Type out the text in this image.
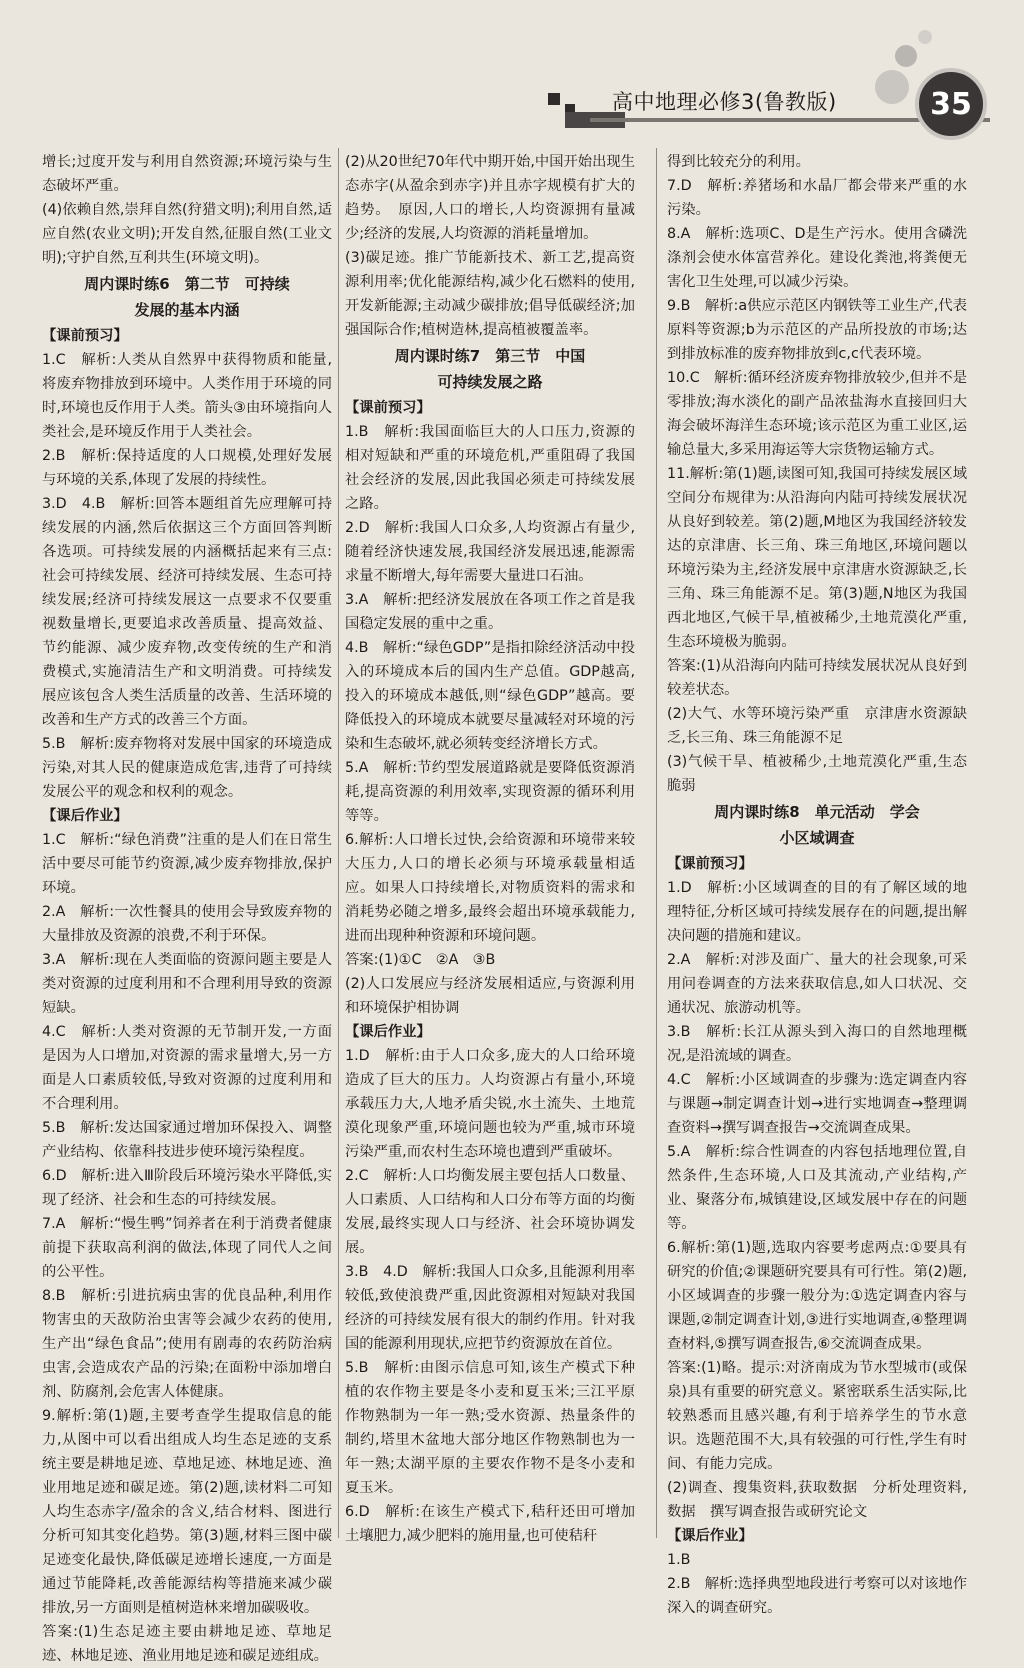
高中地理必修3(鲁教版)	35

增长;过度开发与利用自然资源;环境污染与生态破坏严重。

(4)依赖自然,崇拜自然(狩猎文明);利用自然,适应自然(农业文明);开发自然,征服自然(工业文明);守护自然,互利共生(环境文明)。

周内课时练6　第二节　可持续

发展的基本内涵

【课前预习】

1.C　解析:人类从自然界中获得物质和能量,将废弃物排放到环境中。人类作用于环境的同时,环境也反作用于人类。箭头③由环境指向人类社会,是环境反作用于人类社会。

2.B　解析:保持适度的人口规模,处理好发展与环境的关系,体现了发展的持续性。

3.D　4.B　解析:回答本题组首先应理解可持续发展的内涵,然后依据这三个方面回答判断各选项。可持续发展的内涵概括起来有三点:社会可持续发展、经济可持续发展、生态可持续发展;经济可持续发展这一点要求不仅要重视数量增长,更要追求改善质量、提高效益、节约能源、减少废弃物,改变传统的生产和消费模式,实施清洁生产和文明消费。可持续发展应该包含人类生活质量的改善、生活环境的改善和生产方式的改善三个方面。

5.B　解析:废弃物将对发展中国家的环境造成污染,对其人民的健康造成危害,违背了可持续发展公平的观念和权利的观念。

【课后作业】

1.C　解析:“绿色消费”注重的是人们在日常生活中要尽可能节约资源,减少废弃物排放,保护环境。

2.A　解析:一次性餐具的使用会导致废弃物的大量排放及资源的浪费,不利于环保。

3.A　解析:现在人类面临的资源问题主要是人类对资源的过度利用和不合理利用导致的资源短缺。

4.C　解析:人类对资源的无节制开发,一方面是因为人口增加,对资源的需求量增大,另一方面是人口素质较低,导致对资源的过度利用和不合理利用。

5.B　解析:发达国家通过增加环保投入、调整产业结构、依靠科技进步使环境污染程度。

6.D　解析:进入Ⅲ阶段后环境污染水平降低,实现了经济、社会和生态的可持续发展。

7.A　解析:“慢生鸭”饲养者在利于消费者健康前提下获取高利润的做法,体现了同代人之间的公平性。

8.B　解析:引进抗病虫害的优良品种,利用作物害虫的天敌防治虫害等会减少农药的使用,生产出“绿色食品”;使用有剧毒的农药防治病虫害,会造成农产品的污染;在面粉中添加增白剂、防腐剂,会危害人体健康。

9.解析:第(1)题,主要考查学生提取信息的能力,从图中可以看出组成人均生态足迹的支系统主要是耕地足迹、草地足迹、林地足迹、渔业用地足迹和碳足迹。第(2)题,读材料二可知人均生态赤字/盈余的含义,结合材料、图进行分析可知其变化趋势。第(3)题,材料三图中碳足迹变化最快,降低碳足迹增长速度,一方面是通过节能降耗,改善能源结构等措施来减少碳排放,另一方面则是植树造林来增加碳吸收。

答案:(1)生态足迹主要由耕地足迹、草地足迹、林地足迹、渔业用地足迹和碳足迹组成。

(2)从20世纪70年代中期开始,中国开始出现生态赤字(从盈余到赤字)并且赤字规模有扩大的趋势。　原因,人口的增长,人均资源拥有量减少;经济的发展,人均资源的消耗量增加。

(3)碳足迹。推广节能新技术、新工艺,提高资源利用率;优化能源结构,减少化石燃料的使用,开发新能源;主动减少碳排放;倡导低碳经济;加强国际合作;植树造林,提高植被覆盖率。

周内课时练7　第三节　中国

可持续发展之路

【课前预习】

1.B　解析:我国面临巨大的人口压力,资源的相对短缺和严重的环境危机,严重阻碍了我国社会经济的发展,因此我国必须走可持续发展之路。

2.D　解析:我国人口众多,人均资源占有量少,随着经济快速发展,我国经济发展迅速,能源需求量不断增大,每年需要大量进口石油。

3.A　解析:把经济发展放在各项工作之首是我国稳定发展的重中之重。

4.B　解析:“绿色GDP”是指扣除经济活动中投入的环境成本后的国内生产总值。GDP越高,投入的环境成本越低,则“绿色GDP”越高。要降低投入的环境成本就要尽量减轻对环境的污染和生态破坏,就必须转变经济增长方式。

5.A　解析:节约型发展道路就是要降低资源消耗,提高资源的利用效率,实现资源的循环利用等等。

6.解析:人口增长过快,会给资源和环境带来较大压力,人口的增长必须与环境承载量相适应。如果人口持续增长,对物质资料的需求和消耗势必随之增多,最终会超出环境承载能力,进而出现种种资源和环境问题。

答案:(1)①C　②A　③B

(2)人口发展应与经济发展相适应,与资源利用和环境保护相协调

【课后作业】

1.D　解析:由于人口众多,庞大的人口给环境造成了巨大的压力。人均资源占有量小,环境承载压力大,人地矛盾尖锐,水土流失、土地荒漠化现象严重,环境问题也较为严重,城市环境污染严重,而农村生态环境也遭到严重破坏。

2.C　解析:人口均衡发展主要包括人口数量、人口素质、人口结构和人口分布等方面的均衡发展,最终实现人口与经济、社会环境协调发展。

3.B　4.D　解析:我国人口众多,且能源利用率较低,致使浪费严重,因此资源相对短缺对我国经济的可持续发展有很大的制约作用。针对我国的能源利用现状,应把节约资源放在首位。

5.B　解析:由图示信息可知,该生产模式下种植的农作物主要是冬小麦和夏玉米;三江平原作物熟制为一年一熟;受水资源、热量条件的制约,塔里木盆地大部分地区作物熟制也为一年一熟;太湖平原的主要农作物不是冬小麦和夏玉米。

6.D　解析:在该生产模式下,秸秆还田可增加土壤肥力,减少肥料的施用量,也可使秸秆

得到比较充分的利用。

7.D　解析:养猪场和水晶厂都会带来严重的水污染。

8.A　解析:选项C、D是生产污水。使用含磷洗涤剂会使水体富营养化。建设化粪池,将粪便无害化卫生处理,可以减少污染。

9.B　解析:a供应示范区内钢铁等工业生产,代表原料等资源;b为示范区的产品所投放的市场;达到排放标准的废弃物排放到c,c代表环境。

10.C　解析:循环经济废弃物排放较少,但并不是零排放;海水淡化的副产品浓盐海水直接回归大海会破坏海洋生态环境;该示范区为重工业区,运输总量大,多采用海运等大宗货物运输方式。

11.解析:第(1)题,读图可知,我国可持续发展区域空间分布规律为:从沿海向内陆可持续发展状况从良好到较差。第(2)题,M地区为我国经济较发达的京津唐、长三角、珠三角地区,环境问题以环境污染为主,经济发展中京津唐水资源缺乏,长三角、珠三角能源不足。第(3)题,N地区为我国西北地区,气候干旱,植被稀少,土地荒漠化严重,生态环境极为脆弱。

答案:(1)从沿海向内陆可持续发展状况从良好到较差状态。

(2)大气、水等环境污染严重　京津唐水资源缺乏,长三角、珠三角能源不足

(3)气候干旱、植被稀少,土地荒漠化严重,生态脆弱

周内课时练8　单元活动　学会

小区域调查

【课前预习】

1.D　解析:小区域调查的目的有了解区域的地理特征,分析区域可持续发展存在的问题,提出解决问题的措施和建议。

2.A　解析:对涉及面广、量大的社会现象,可采用问卷调查的方法来获取信息,如人口状况、交通状况、旅游动机等。

3.B　解析:长江从源头到入海口的自然地理概况,是沿流域的调查。

4.C　解析:小区域调查的步骤为:选定调查内容与课题→制定调查计划→进行实地调查→整理调查资料→撰写调查报告→交流调查成果。

5.A　解析:综合性调查的内容包括地理位置,自然条件,生态环境,人口及其流动,产业结构,产业、聚落分布,城镇建设,区域发展中存在的问题等。

6.解析:第(1)题,选取内容要考虑两点:①要具有研究的价值;②课题研究要具有可行性。第(2)题,小区域调查的步骤一般分为:①选定调查内容与课题,②制定调查计划,③进行实地调查,④整理调查材料,⑤撰写调查报告,⑥交流调查成果。

答案:(1)略。提示:对济南成为节水型城市(或保泉)具有重要的研究意义。紧密联系生活实际,比较熟悉而且感兴趣,有利于培养学生的节水意识。选题范围不大,具有较强的可行性,学生有时间、有能力完成。

(2)调查、搜集资料,获取数据　分析处理资料,数据　撰写调查报告或研究论文

【课后作业】

1.B

2.B　解析:选择典型地段进行考察可以对该地作深入的调查研究。
